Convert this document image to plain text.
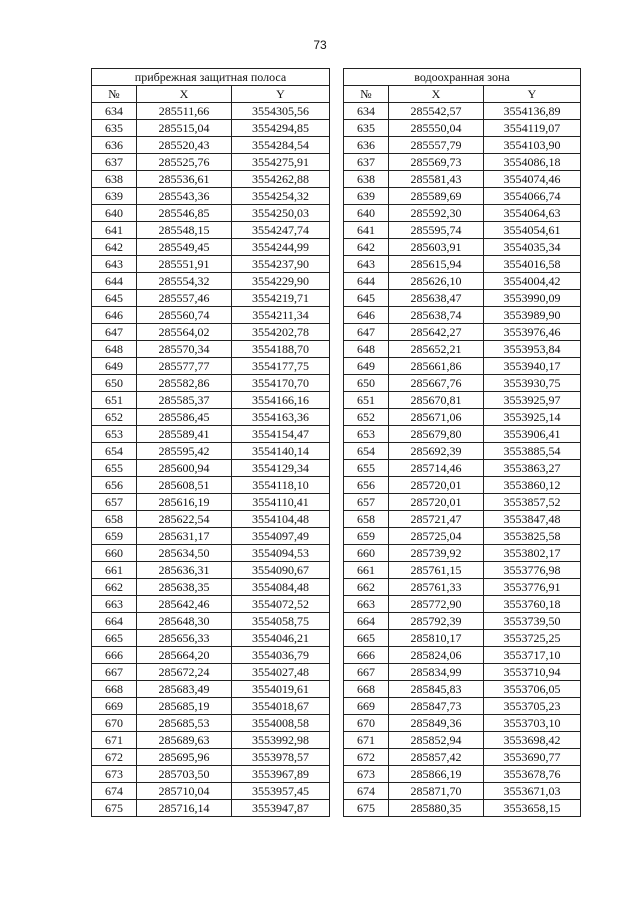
73
прибрежная защитная полоса		
№	X	Y
634	285511,66	3554305,56
635	285515,04	3554294,85
636	285520,43	3554284,54
637	285525,76	3554275,91
638	285536,61	3554262,88
639	285543,36	3554254,32
640	285546,85	3554250,03
641	285548,15	3554247,74
642	285549,45	3554244,99
643	285551,91	3554237,90
644	285554,32	3554229,90
645	285557,46	3554219,71
646	285560,74	3554211,34
647	285564,02	3554202,78
648	285570,34	3554188,70
649	285577,77	3554177,75
650	285582,86	3554170,70
651	285585,37	3554166,16
652	285586,45	3554163,36
653	285589,41	3554154,47
654	285595,42	3554140,14
655	285600,94	3554129,34
656	285608,51	3554118,10
657	285616,19	3554110,41
658	285622,54	3554104,48
659	285631,17	3554097,49
660	285634,50	3554094,53
661	285636,31	3554090,67
662	285638,35	3554084,48
663	285642,46	3554072,52
664	285648,30	3554058,75
665	285656,33	3554046,21
666	285664,20	3554036,79
667	285672,24	3554027,48
668	285683,49	3554019,61
669	285685,19	3554018,67
670	285685,53	3554008,58
671	285689,63	3553992,98
672	285695,96	3553978,57
673	285703,50	3553967,89
674	285710,04	3553957,45
675	285716,14	3553947,87
водоохранная зона		
№	X	Y
634	285542,57	3554136,89
635	285550,04	3554119,07
636	285557,79	3554103,90
637	285569,73	3554086,18
638	285581,43	3554074,46
639	285589,69	3554066,74
640	285592,30	3554064,63
641	285595,74	3554054,61
642	285603,91	3554035,34
643	285615,94	3554016,58
644	285626,10	3554004,42
645	285638,47	3553990,09
646	285638,74	3553989,90
647	285642,27	3553976,46
648	285652,21	3553953,84
649	285661,86	3553940,17
650	285667,76	3553930,75
651	285670,81	3553925,97
652	285671,06	3553925,14
653	285679,80	3553906,41
654	285692,39	3553885,54
655	285714,46	3553863,27
656	285720,01	3553860,12
657	285720,01	3553857,52
658	285721,47	3553847,48
659	285725,04	3553825,58
660	285739,92	3553802,17
661	285761,15	3553776,98
662	285761,33	3553776,91
663	285772,90	3553760,18
664	285792,39	3553739,50
665	285810,17	3553725,25
666	285824,06	3553717,10
667	285834,99	3553710,94
668	285845,83	3553706,05
669	285847,73	3553705,23
670	285849,36	3553703,10
671	285852,94	3553698,42
672	285857,42	3553690,77
673	285866,19	3553678,76
674	285871,70	3553671,03
675	285880,35	3553658,15
